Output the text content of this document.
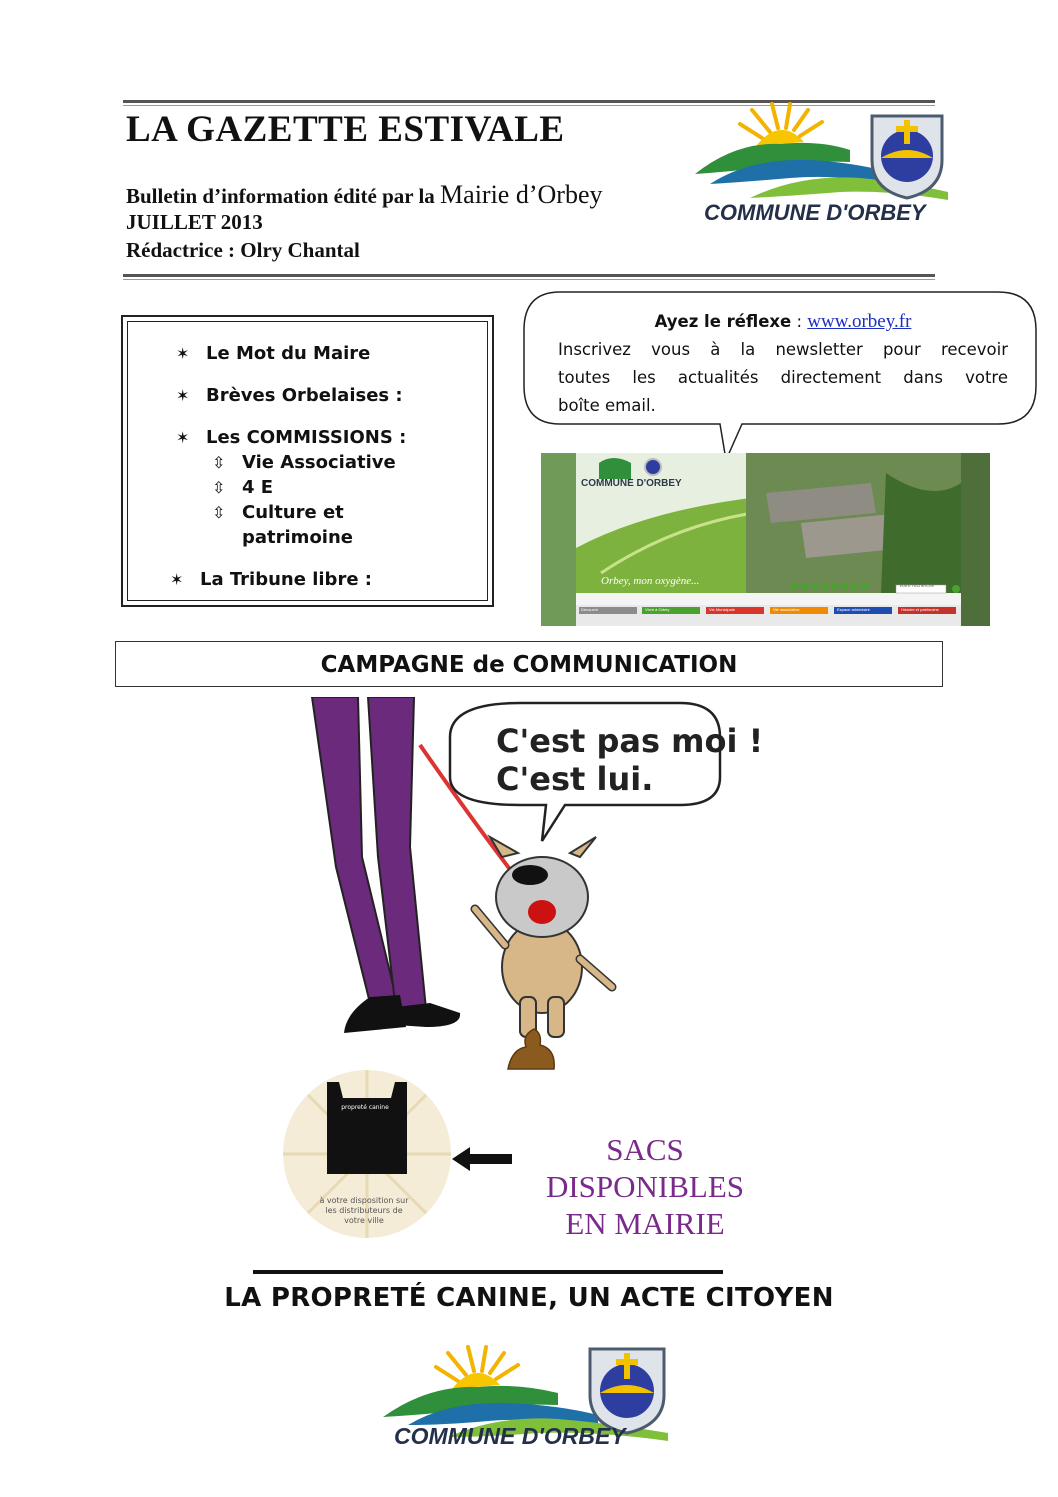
LA GAZETTE ESTIVALE
Bulletin d’information édité par la Mairie d’Orbey
JUILLET 2013
Rédactrice : Olry Chantal
COMMUNE D'ORBEY
✶ Le Mot du Maire
✶ Brèves Orbelaises :
✶ Les COMMISSIONS :
⇳ Vie Associative
⇳ 4 E
⇳ Culture et
patrimoine
✶ La Tribune libre :
Ayez le réflexe : www.orbey.fr
Inscrivez vous à la newsletter pour recevoir
toutes les actualités directement dans votre
boîte email.
COMMUNE D'ORBEY
Orbey, mon oxygène...	Votre recherche
Découvrir	Vivre à Orbey	Vie Municipale	Vie associative	Espace administré	Histoire et patrimoine
CAMPAGNE de COMMUNICATION
C'est pas moi !
C'est lui.
propreté canine
à votre disposition sur les distributeurs de votre ville
SACS
DISPONIBLES
EN MAIRIE
LA PROPRETÉ CANINE, UN ACTE CITOYEN
COMMUNE D'ORBEY
